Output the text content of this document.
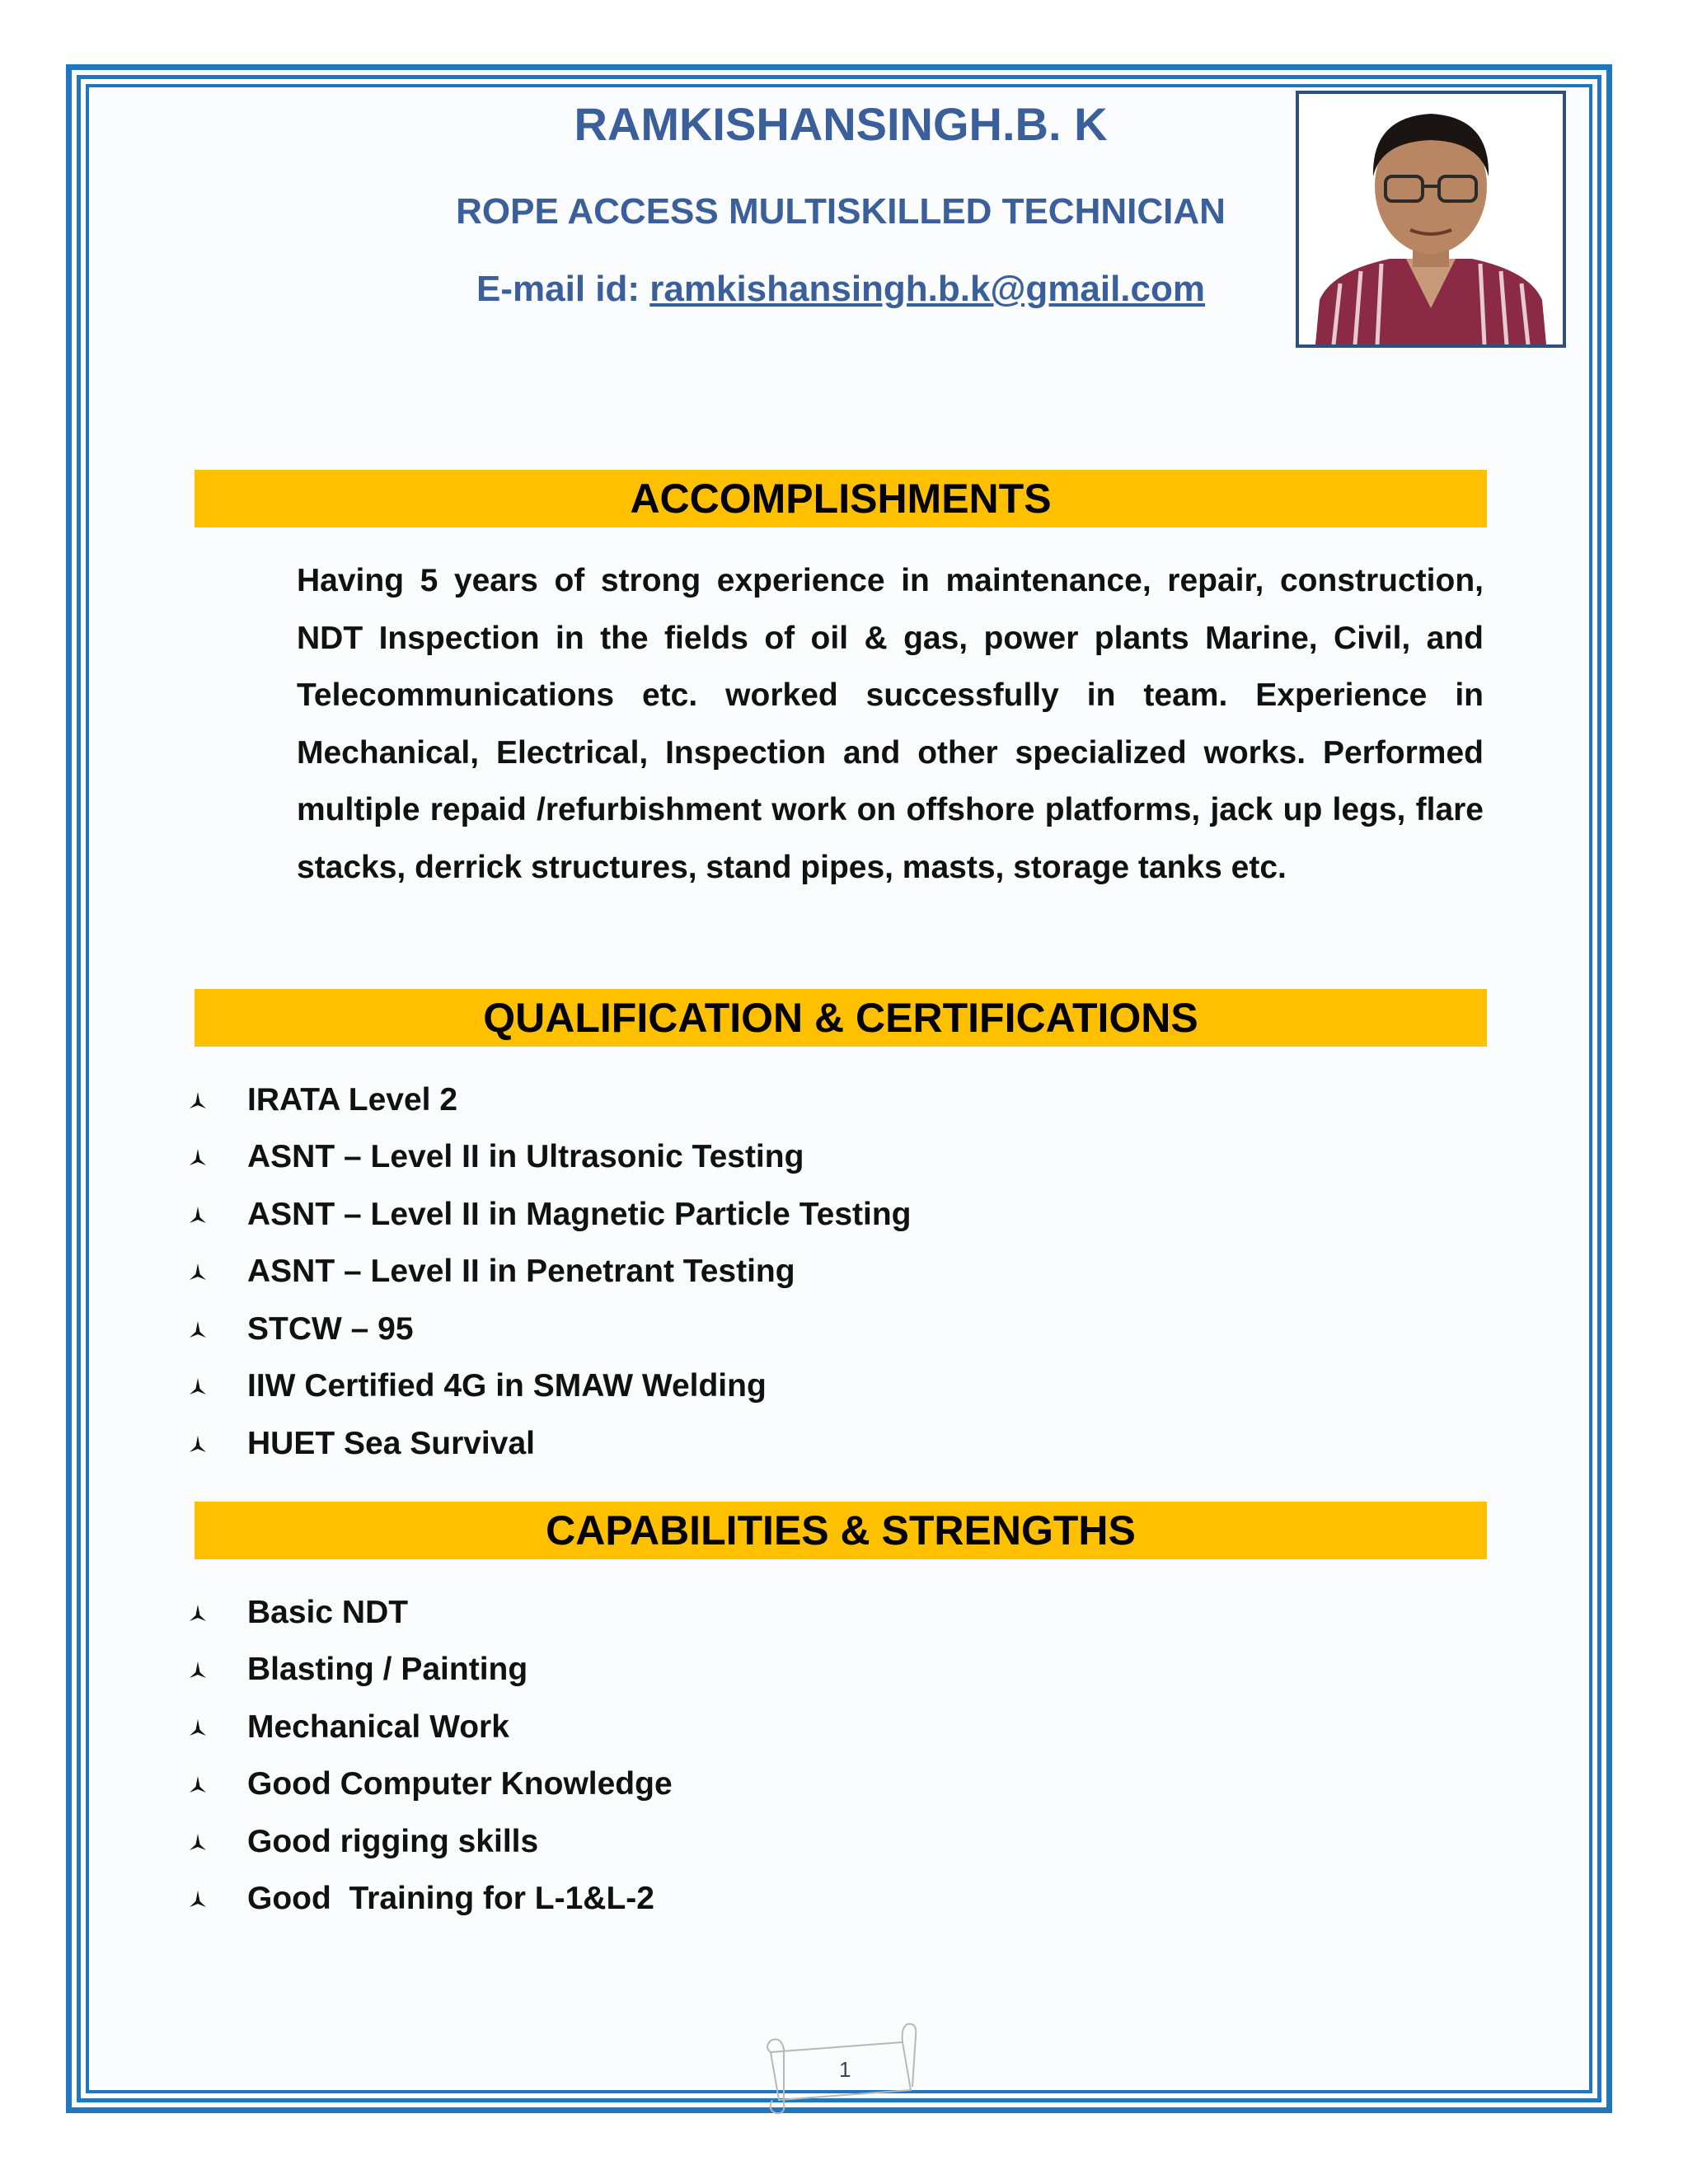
RAMKISHANSINGH.B. K
ROPE ACCESS MULTISKILLED TECHNICIAN
E-mail id: ramkishansingh.b.k@gmail.com
ACCOMPLISHMENTS
Having 5 years of strong experience in maintenance, repair, construction, NDT Inspection in the fields of oil & gas, power plants Marine, Civil, and Telecommunications etc. worked successfully in team. Experience in Mechanical, Electrical, Inspection and other specialized works. Performed multiple repaid /refurbishment work on offshore platforms, jack up legs, flare stacks, derrick structures, stand pipes, masts, storage tanks etc.
QUALIFICATION & CERTIFICATIONS
IRATA Level 2
ASNT – Level II in Ultrasonic Testing
ASNT – Level II in Magnetic Particle Testing
ASNT – Level II in Penetrant Testing
STCW – 95
IIW Certified 4G in SMAW Welding
HUET Sea Survival
CAPABILITIES & STRENGTHS
Basic NDT
Blasting / Painting
Mechanical Work
Good Computer Knowledge
Good rigging skills
Good  Training for L-1&L-2
1
